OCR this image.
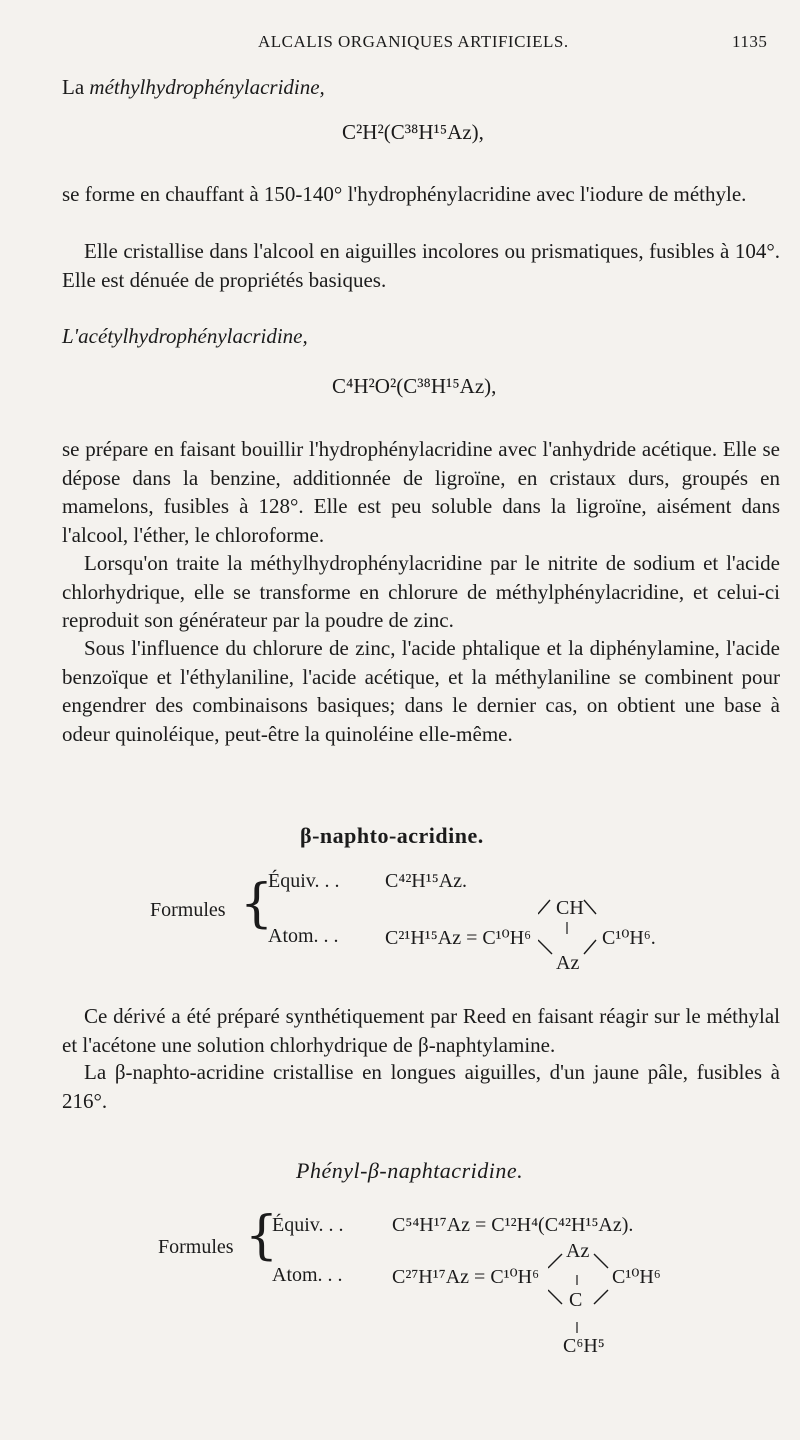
ALCALIS ORGANIQUES ARTIFICIELS.	1135
La méthylhydrophénylacridine,
C²H²(C³⁸H¹⁵Az),
se forme en chauffant à 150-140° l'hydrophénylacridine avec l'iodure de méthyle.
Elle cristallise dans l'alcool en aiguilles incolores ou prismatiques, fusibles à 104°. Elle est dénuée de propriétés basiques.
L'acétylhydrophénylacridine,
C⁴H²O²(C³⁸H¹⁵Az),
se prépare en faisant bouillir l'hydrophénylacridine avec l'anhydride acétique. Elle se dépose dans la benzine, additionnée de ligroïne, en cristaux durs, groupés en mamelons, fusibles à 128°. Elle est peu soluble dans la ligroïne, aisément dans l'alcool, l'éther, le chloroforme.
Lorsqu'on traite la méthylhydrophénylacridine par le nitrite de sodium et l'acide chlorhydrique, elle se transforme en chlorure de méthylphénylacridine, et celui-ci reproduit son générateur par la poudre de zinc.
Sous l'influence du chlorure de zinc, l'acide phtalique et la diphénylamine, l'acide benzoïque et l'éthylaniline, l'acide acétique, et la méthylaniline se combinent pour engendrer des combinaisons basiques; dans le dernier cas, on obtient une base à odeur quinoléique, peut-être la quinoléine elle-même.
β-naphto-acridine.
Formules {
Équiv. . . C⁴²H¹⁵Az.
Atom. . . C²¹H¹⁵Az = C¹⁰H⁶
CH
Az
C¹⁰H⁶.
Ce dérivé a été préparé synthétiquement par Reed en faisant réagir sur le méthylal et l'acétone une solution chlorhydrique de β-naphtylamine.
La β-naphto-acridine cristallise en longues aiguilles, d'un jaune pâle, fusibles à 216°.
Phényl-β-naphtacridine.
Formules {
Équiv. . . C⁵⁴H¹⁷Az = C¹²H⁴(C⁴²H¹⁵Az).
Atom. . . C²⁷H¹⁷Az = C¹⁰H⁶
Az
C
C¹⁰H⁶
C⁶H⁵
